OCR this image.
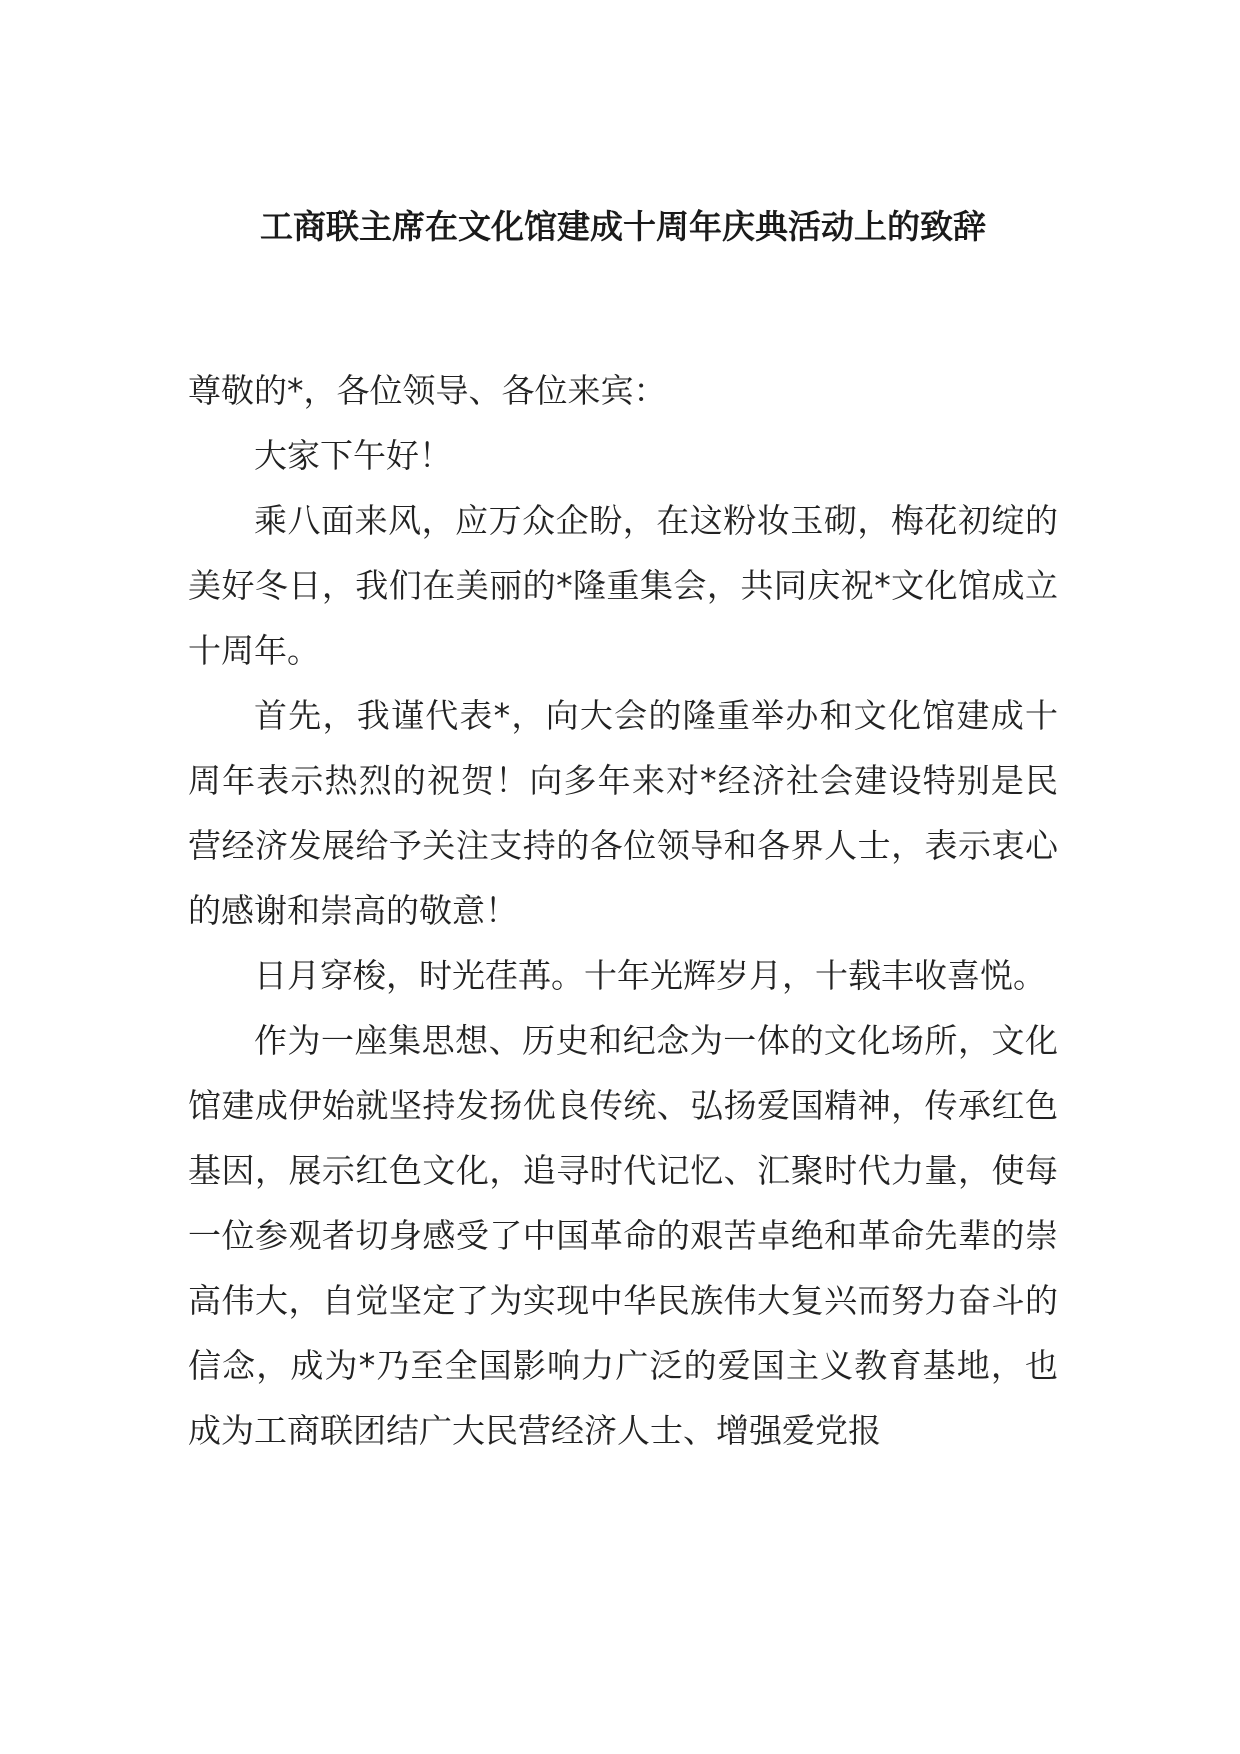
工商联主席在文化馆建成十周年庆典活动上的致辞

尊敬的*，各位领导、各位来宾：

大家下午好！

乘八面来风，应万众企盼，在这粉妆玉砌，梅花初绽的美好冬日，我们在美丽的*隆重集会，共同庆祝*文化馆成立十周年。

首先，我谨代表*，向大会的隆重举办和文化馆建成十周年表示热烈的祝贺！向多年来对*经济社会建设特别是民营经济发展给予关注支持的各位领导和各界人士，表示衷心的感谢和崇高的敬意！

日月穿梭，时光荏苒。十年光辉岁月，十载丰收喜悦。

作为一座集思想、历史和纪念为一体的文化场所，文化馆建成伊始就坚持发扬优良传统、弘扬爱国精神，传承红色基因，展示红色文化，追寻时代记忆、汇聚时代力量，使每一位参观者切身感受了中国革命的艰苦卓绝和革命先辈的崇高伟大，自觉坚定了为实现中华民族伟大复兴而努力奋斗的信念，成为*乃至全国影响力广泛的爱国主义教育基地，也成为工商联团结广大民营经济人士、增强爱党报
